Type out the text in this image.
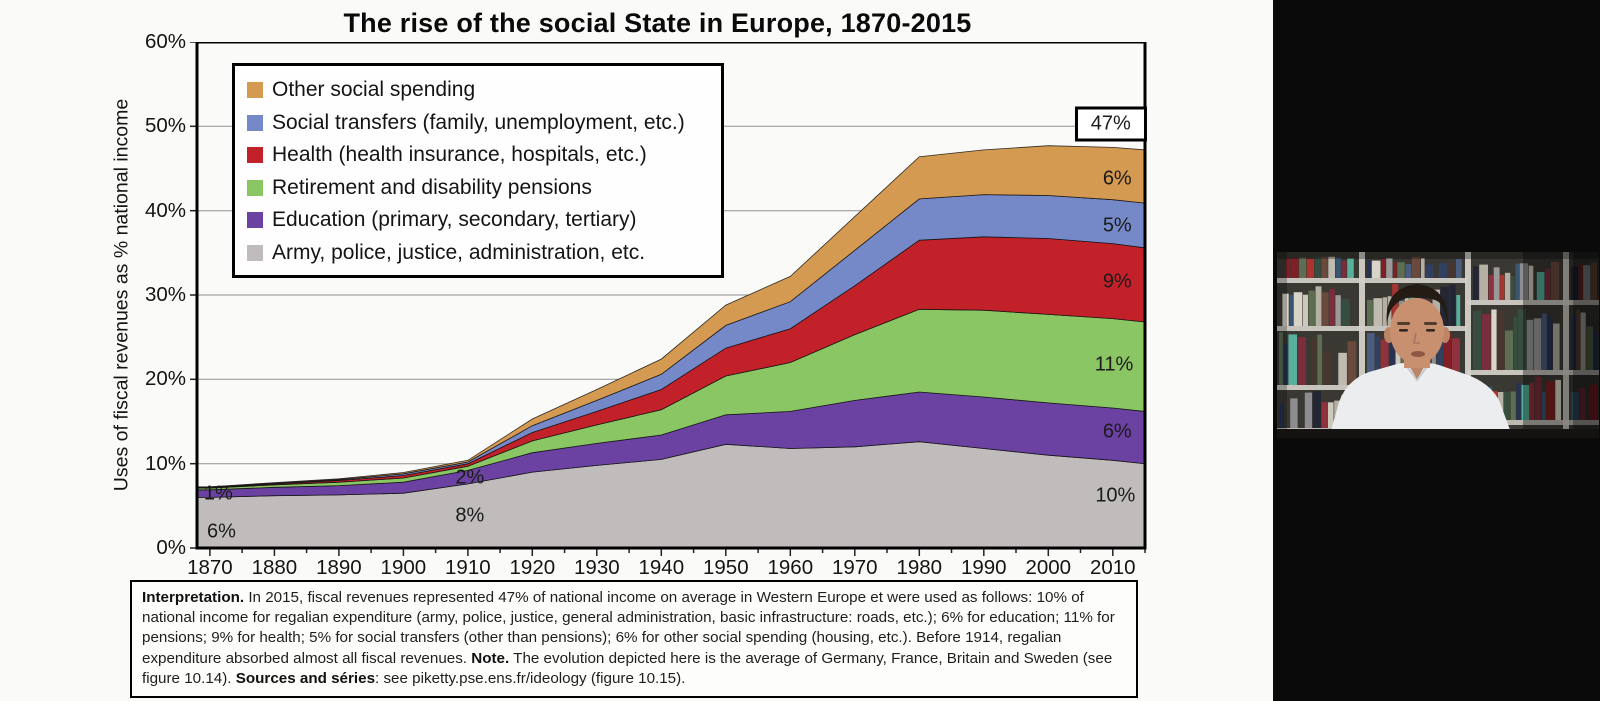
The rise of the social State in Europe, 1870-2015
Uses of fiscal revenues as % national income
60%
50%
40%
30%
20%
10%
0%
1870 1880 1890 1900 1910 1920 1930 1940 1950 1960 1970 1980 1990 2000 2010
Other social spending
Social transfers (family, unemployment, etc.)
Health (health insurance, hospitals, etc.)
Retirement and disability pensions
Education (primary, secondary, tertiary)
Army, police, justice, administration, etc.
47%
6%
5%
9%
11%
6%
10%
1%
6%
2%
8%
Interpretation. In 2015, fiscal revenues represented 47% of national income on average in Western Europe et were used as follows: 10% of national income for regalian expenditure (army, police, justice, general administration, basic infrastructure: roads, etc.); 6% for education; 11% for pensions; 9% for health; 5% for social transfers (other than pensions); 6% for other social spending (housing, etc.). Before 1914, regalian expenditure absorbed almost all fiscal revenues. Note. The evolution depicted here is the average of Germany, France, Britain and Sweden (see figure 10.14). Sources and séries: see piketty.pse.ens.fr/ideology (figure 10.15).
